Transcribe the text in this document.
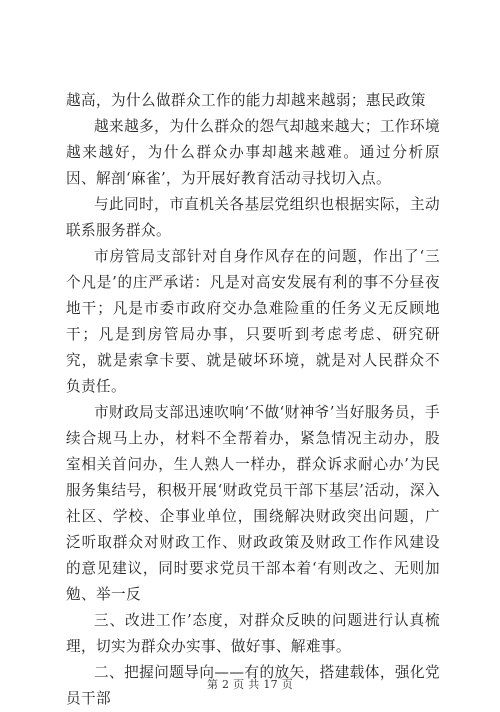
越高，为什么做群众工作的能力却越来越弱；惠民政策

越来越多，为什么群众的怨气却越来越大；工作环境越来越好，为什么群众办事却越来越难。通过分析原因、解剖‘麻雀’，为开展好教育活动寻找切入点。

与此同时，市直机关各基层党组织也根据实际，主动联系服务群众。

市房管局支部针对自身作风存在的问题，作出了‘三个凡是’的庄严承诺：凡是对高安发展有利的事不分昼夜地干；凡是市委市政府交办急难险重的任务义无反顾地干；凡是到房管局办事，只要听到考虑考虑、研究研究，就是索拿卡要、就是破坏环境，就是对人民群众不负责任。

市财政局支部迅速吹响‘不做‘财神爷’当好服务员，手续合规马上办，材料不全帮着办，紧急情况主动办，股室相关首问办，生人熟人一样办，群众诉求耐心办’为民服务集结号，积极开展‘财政党员干部下基层’活动，深入社区、学校、企事业单位，围绕解决财政突出问题，广泛听取群众对财政工作、财政政策及财政工作作风建设的意见建议，同时要求党员干部本着‘有则改之、无则加勉、举一反

三、改进工作’态度，对群众反映的问题进行认真梳理，切实为群众办实事、做好事、解难事。

二、把握问题导向——有的放矢，搭建载体，强化党员干部

第 2 页 共 17 页
